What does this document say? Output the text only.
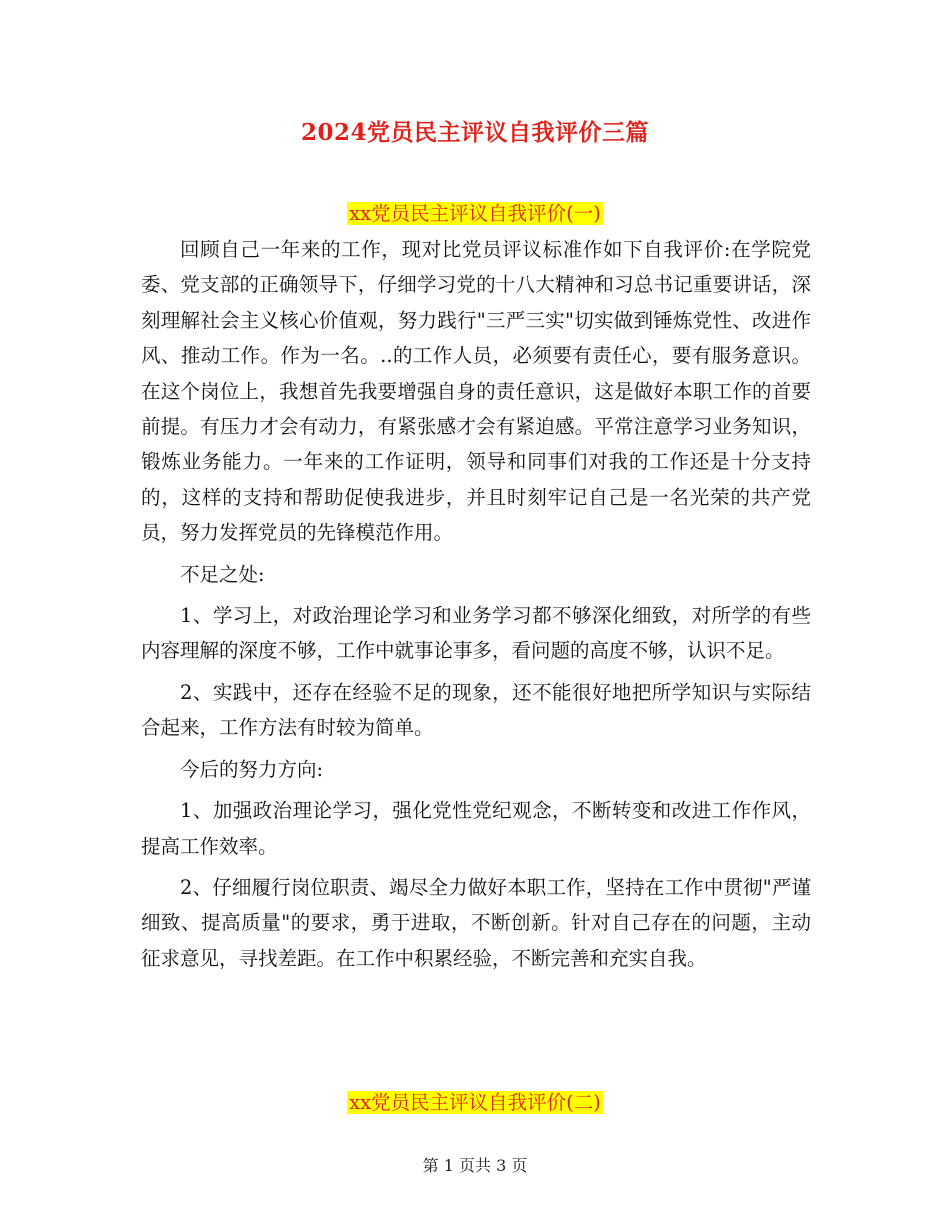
2024党员民主评议自我评价三篇
xx党员民主评议自我评价(一)

回顾自己一年来的工作，现对比党员评议标准作如下自我评价:在学院党委、党支部的正确领导下，仔细学习党的十八大精神和习总书记重要讲话，深刻理解社会主义核心价值观，努力践行"三严三实"切实做到锤炼党性、改进作风、推动工作。作为一名。..的工作人员，必须要有责任心，要有服务意识。在这个岗位上，我想首先我要增强自身的责任意识，这是做好本职工作的首要前提。有压力才会有动力，有紧张感才会有紧迫感。平常注意学习业务知识，锻炼业务能力。一年来的工作证明，领导和同事们对我的工作还是十分支持的，这样的支持和帮助促使我进步，并且时刻牢记自己是一名光荣的共产党员，努力发挥党员的先锋模范作用。

不足之处:

1、学习上，对政治理论学习和业务学习都不够深化细致，对所学的有些内容理解的深度不够，工作中就事论事多，看问题的高度不够，认识不足。

2、实践中，还存在经验不足的现象，还不能很好地把所学知识与实际结合起来，工作方法有时较为简单。

今后的努力方向:

1、加强政治理论学习，强化党性党纪观念，不断转变和改进工作作风，提高工作效率。

2、仔细履行岗位职责、竭尽全力做好本职工作，坚持在工作中贯彻"严谨细致、提高质量"的要求，勇于进取，不断创新。针对自己存在的问题，主动征求意见，寻找差距。在工作中积累经验，不断完善和充实自我。

xx党员民主评议自我评价(二)
第 1 页共 3 页
